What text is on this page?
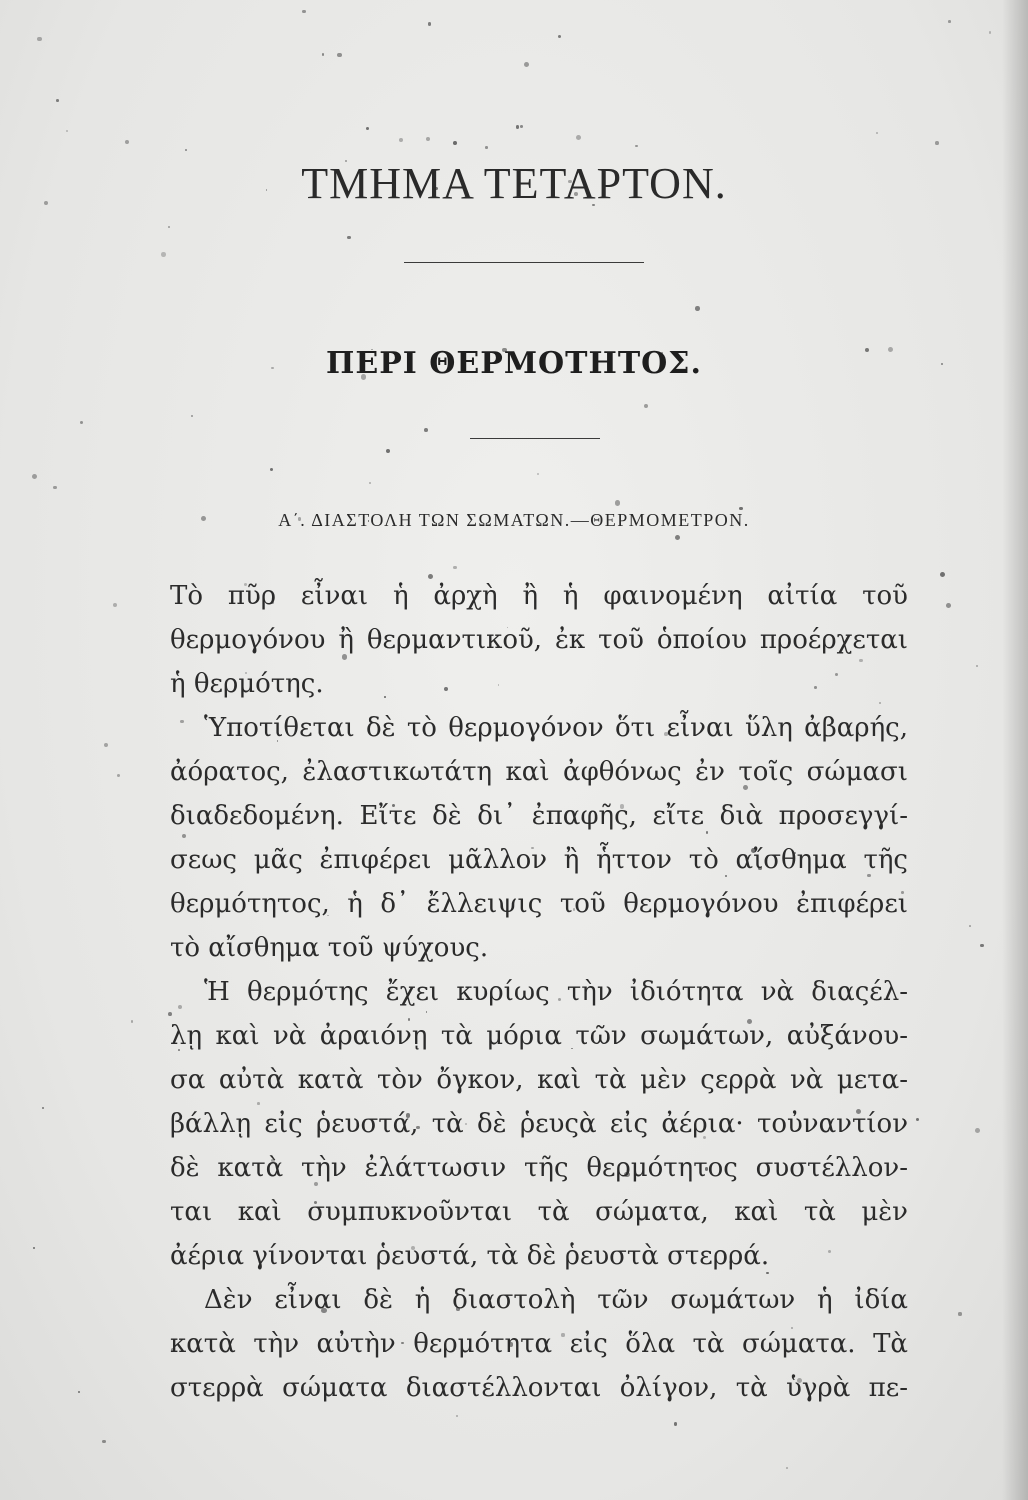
ΤΜΗΜΑ ΤΕΤΑΡΤΟΝ.
ΠΕΡΙ ΘΕΡΜΟΤΗΤΟΣ.
Α΄. ΔΙΑΣΤΟΛΗ ΤΩΝ ΣΩΜΑΤΩΝ.—ΘΕΡΜΟΜΕΤΡΟΝ.
Τὸ πῦρ εἶναι ἡ ἀρχὴ ἢ ἡ φαινομένη αἰτία τοῦ
θερμογόνου ἢ θερμαντικοῦ, ἐκ τοῦ ὁποίου προέρχεται
ἡ θερμότης.
Ὑποτίθεται δὲ τὸ θερμογόνον ὅτι εἶναι ὕλη ἀβαρής,
ἀόρατος, ἐλαστικωτάτη καὶ ἀφθόνως ἐν τοῖς σώμασι
διαδεδομένη. Εἴτε δὲ δι᾽ ἐπαφῆς, εἴτε διὰ προσεγγί-
σεως μᾶς ἐπιφέρει μᾶλλον ἢ ἧττον τὸ αἴσθημα τῆς
θερμότητος, ἡ δ᾽ ἔλλειψις τοῦ θερμογόνου ἐπιφέρει
τὸ αἴσθημα τοῦ ψύχους.
Ἡ θερμότης ἔχει κυρίως τὴν ἰδιότητα νὰ διαςέλ-
λῃ καὶ νὰ ἀραιόνῃ τὰ μόρια τῶν σωμάτων, αὐξάνου-
σα αὐτὰ κατὰ τὸν ὄγκον, καὶ τὰ μὲν ςερρὰ νὰ μετα-
βάλλῃ εἰς ῥευστά, τὰ δὲ ῥευςὰ εἰς ἀέρια· τοὐναντίον
δὲ κατὰ τὴν ἐλάττωσιν τῆς θερμότητος συστέλλον-
ται καὶ συμπυκνοῦνται τὰ σώματα, καὶ τὰ μὲν
ἀέρια γίνονται ῥευστά, τὰ δὲ ῥευστὰ στερρά.
Δὲν εἶναι δὲ ἡ διαστολὴ τῶν σωμάτων ἡ ἰδία
κατὰ τὴν αὐτὴν θερμότητα εἰς ὅλα τὰ σώματα. Τὰ
στερρὰ σώματα διαστέλλονται ὀλίγον, τὰ ὑγρὰ πε-
